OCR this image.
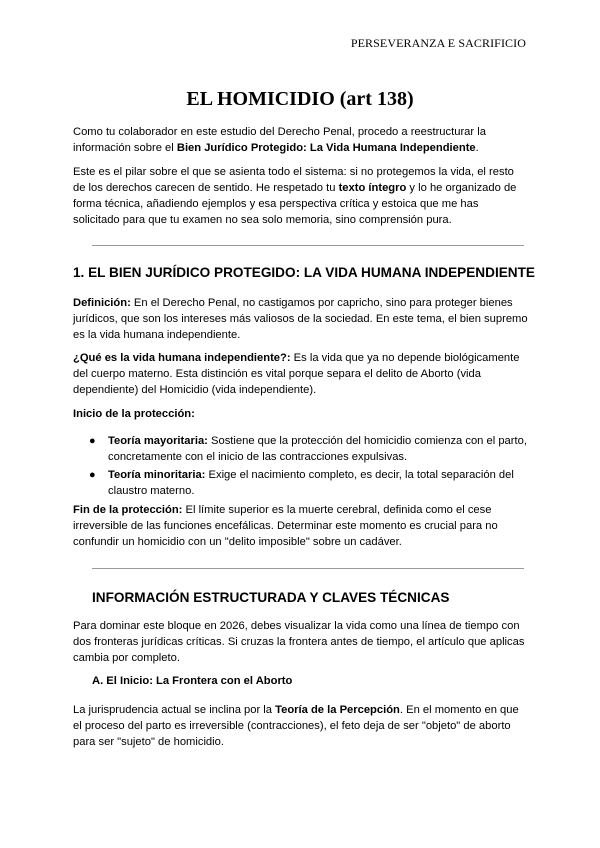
PERSEVERANZA E SACRIFICIO
EL HOMICIDIO (art 138)
Como tu colaborador en este estudio del Derecho Penal, procedo a reestructurar la información sobre el Bien Jurídico Protegido: La Vida Humana Independiente.
Este es el pilar sobre el que se asienta todo el sistema: si no protegemos la vida, el resto de los derechos carecen de sentido. He respetado tu texto íntegro y lo he organizado de forma técnica, añadiendo ejemplos y esa perspectiva crítica y estoica que me has solicitado para que tu examen no sea solo memoria, sino comprensión pura.
1. EL BIEN JURÍDICO PROTEGIDO: LA VIDA HUMANA INDEPENDIENTE
Definición: En el Derecho Penal, no castigamos por capricho, sino para proteger bienes jurídicos, que son los intereses más valiosos de la sociedad. En este tema, el bien supremo es la vida humana independiente.
¿Qué es la vida humana independiente?: Es la vida que ya no depende biológicamente del cuerpo materno. Esta distinción es vital porque separa el delito de Aborto (vida dependiente) del Homicidio (vida independiente).
Inicio de la protección:
● Teoría mayoritaria: Sostiene que la protección del homicidio comienza con el parto, concretamente con el inicio de las contracciones expulsivas.
● Teoría minoritaria: Exige el nacimiento completo, es decir, la total separación del claustro materno.
Fin de la protección: El límite superior es la muerte cerebral, definida como el cese irreversible de las funciones encefálicas. Determinar este momento es crucial para no confundir un homicidio con un "delito imposible" sobre un cadáver.
INFORMACIÓN ESTRUCTURADA Y CLAVES TÉCNICAS
Para dominar este bloque en 2026, debes visualizar la vida como una línea de tiempo con dos fronteras jurídicas críticas. Si cruzas la frontera antes de tiempo, el artículo que aplicas cambia por completo.
A. El Inicio: La Frontera con el Aborto
La jurisprudencia actual se inclina por la Teoría de la Percepción. En el momento en que el proceso del parto es irreversible (contracciones), el feto deja de ser "objeto" de aborto para ser "sujeto" de homicidio.
